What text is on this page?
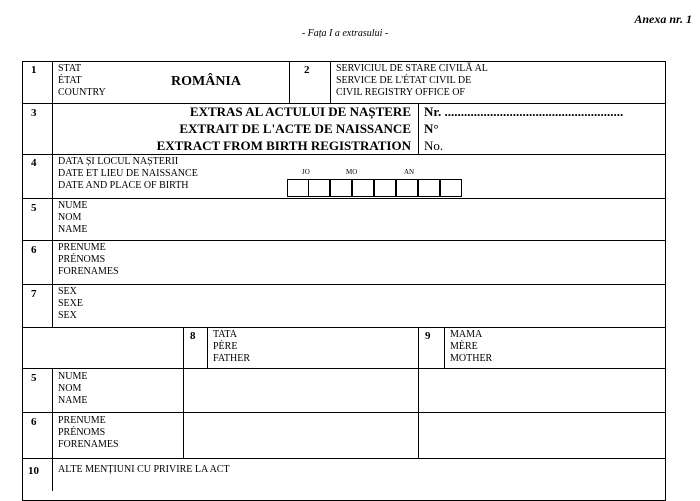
Anexa nr. 1
- Fața I a extrasului -
1 STAT
ÉTAT
COUNTRY
ROMÂNIA
2	SERVICIUL DE STARE CIVILĂ AL
SERVICE DE L'ÉTAT CIVIL DE
CIVIL REGISTRY OFFICE OF
3	EXTRAS AL ACTULUI DE NAȘTERE
EXTRAIT DE L'ACTE DE NAISSANCE
EXTRACT FROM BIRTH REGISTRATION
Nr. .......................................................
N°
No.
4 DATA ȘI LOCUL NAȘTERII
DATE ET LIEU DE NAISSANCE
DATE AND PLACE OF BIRTH
JO	MO	AN
5 NUME
NOM
NAME
6 PRENUME
PRÉNOMS
FORENAMES
7 SEX
SEXE
SEX
8 TATA
PÈRE
FATHER
9 MAMA
MÈRE
MOTHER
5 NUME
NOM
NAME
6 PRENUME
PRÉNOMS
FORENAMES
10 ALTE MENȚIUNI CU PRIVIRE LA ACT
